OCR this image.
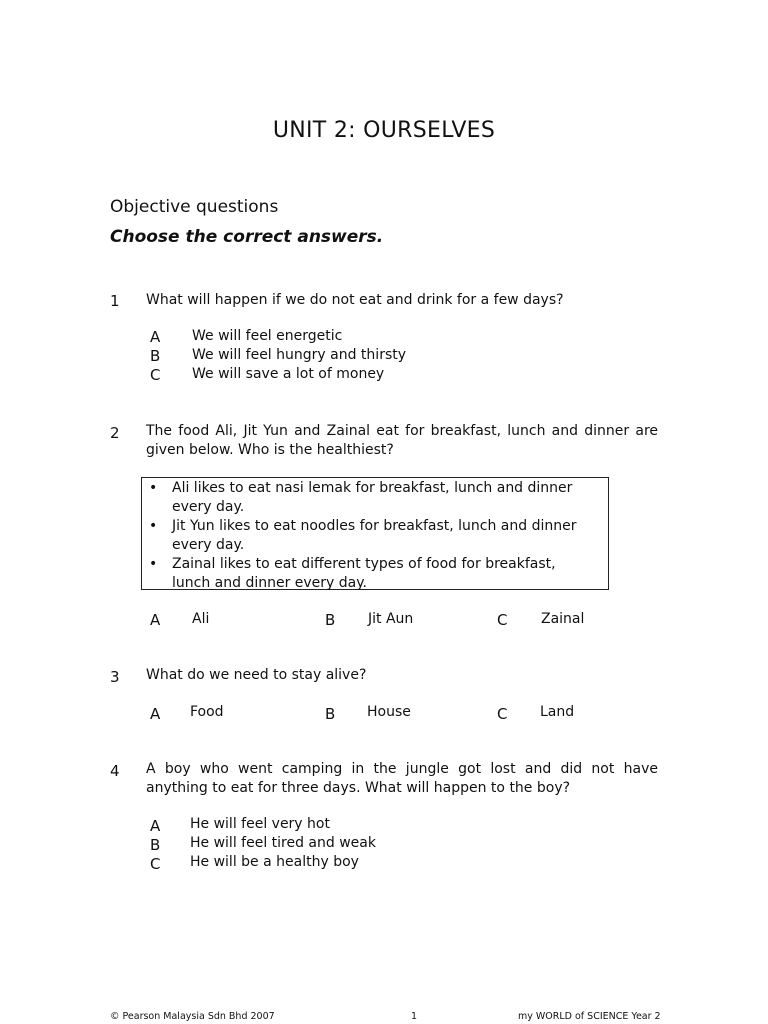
UNIT 2: OURSELVES
Objective questions
Choose the correct answers.
1 What will happen if we do not eat and drink for a few days?
A	We will feel energetic
B	We will feel hungry and thirsty
C	We will save a lot of money
2 The food Ali, Jit Yun and Zainal eat for breakfast, lunch and dinner are given below. Who is the healthiest?
• Ali likes to eat nasi lemak for breakfast, lunch and dinner every day.
• Jit Yun likes to eat noodles for breakfast, lunch and dinner every day.
• Zainal likes to eat different types of food for breakfast, lunch and dinner every day.
A	Ali	B	Jit Aun	C	Zainal
3 What do we need to stay alive?
A	Food	B	House	C	Land
4 A boy who went camping in the jungle got lost and did not have anything to eat for three days. What will happen to the boy?
A	He will feel very hot
B	He will feel tired and weak
C	He will be a healthy boy
© Pearson Malaysia Sdn Bhd 2007	1	my WORLD of SCIENCE Year 2
